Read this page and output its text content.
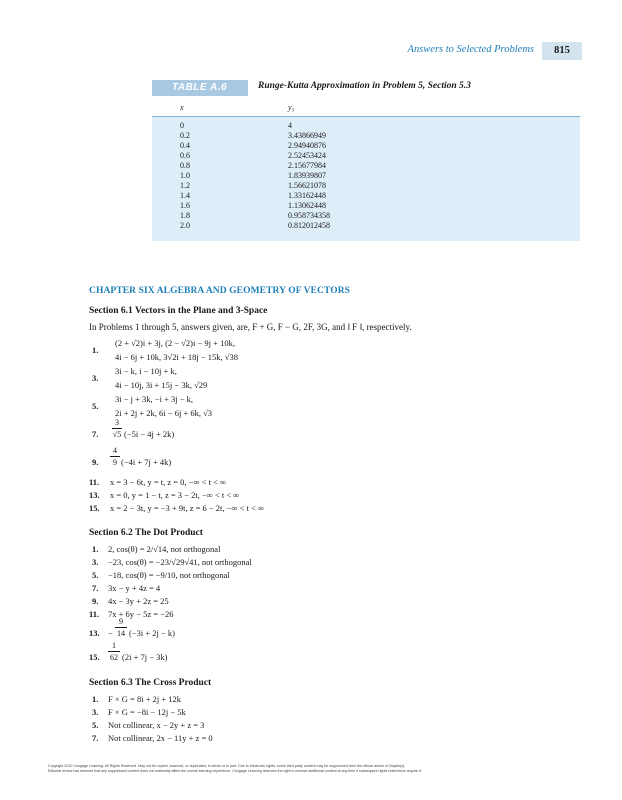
Answers to Selected Problems	815
TABLE A.6	Runge-Kutta Approximation in Problem 5, Section 5.3
x	y₅
0	4
0.2	3.43866949
0.4	2.94940876
0.6	2.52453424
0.8	2.15677984
1.0	1.83939807
1.2	1.56621078
1.4	1.33162448
1.6	1.13062448
1.8	0.958734358
2.0	0.812012458
CHAPTER SIX ALGEBRA AND GEOMETRY OF VECTORS
Section 6.1 Vectors in the Plane and 3-Space
In Problems 1 through 5, answers given, are, F + G, F − G, 2F, 3G, and ‖ F ‖, respectively.
1.
(2 + √2)i + 3j, (2 − √2)i − 9j + 10k,
4i − 6j + 10k, 3√2i + 18j − 15k, √38
3.
3i − k, i − 10j + k,
4i − 10j, 3i + 15j − 3k, √29
5.
3i − j + 3k, −i + 3j − k,
2i + 2j + 2k, 6i − 6j + 6k, √3
7.
3
√5 (−5i − 4j + 2k)
9.
4
9 (−4i + 7j + 4k)
11. x = 3 − 6t, y = t, z = 0, −∞ < t < ∞
13. x = 0, y = 1 − t, z = 3 − 2t, −∞ < t < ∞
15. x = 2 − 3t, y = −3 + 9t, z = 6 − 2t, −∞ < t < ∞
Section 6.2 The Dot Product
1. 2, cos(θ) = 2/√14, not orthogonal
3. −23, cos(θ) = −23/√29√41, not orthogonal
5. −18, cos(θ) = −9/10, not orthogonal
7. 3x − y + 4z = 4
9. 4x − 3y + 2z = 25
11. 7x + 6y − 5z = −26
13. −
9
14 (−3i + 2j − k)
15.
1
62 (2i + 7j − 3k)
Section 6.3 The Cross Product
1. F × G = 8i + 2j + 12k
3. F × G = −8i − 12j − 5k
5. Not collinear, x − 2y + z = 3
7. Not collinear, 2x − 11y + z = 0
Copyright 2010 Cengage Learning. All Rights Reserved. May not be copied, scanned, or duplicated, in whole or in part. Due to electronic rights, some third party content may be suppressed from the eBook and/or eChapter(s).
Editorial review has deemed that any suppressed content does not materially affect the overall learning experience. Cengage Learning reserves the right to remove additional content at any time if subsequent rights restrictions require it.
